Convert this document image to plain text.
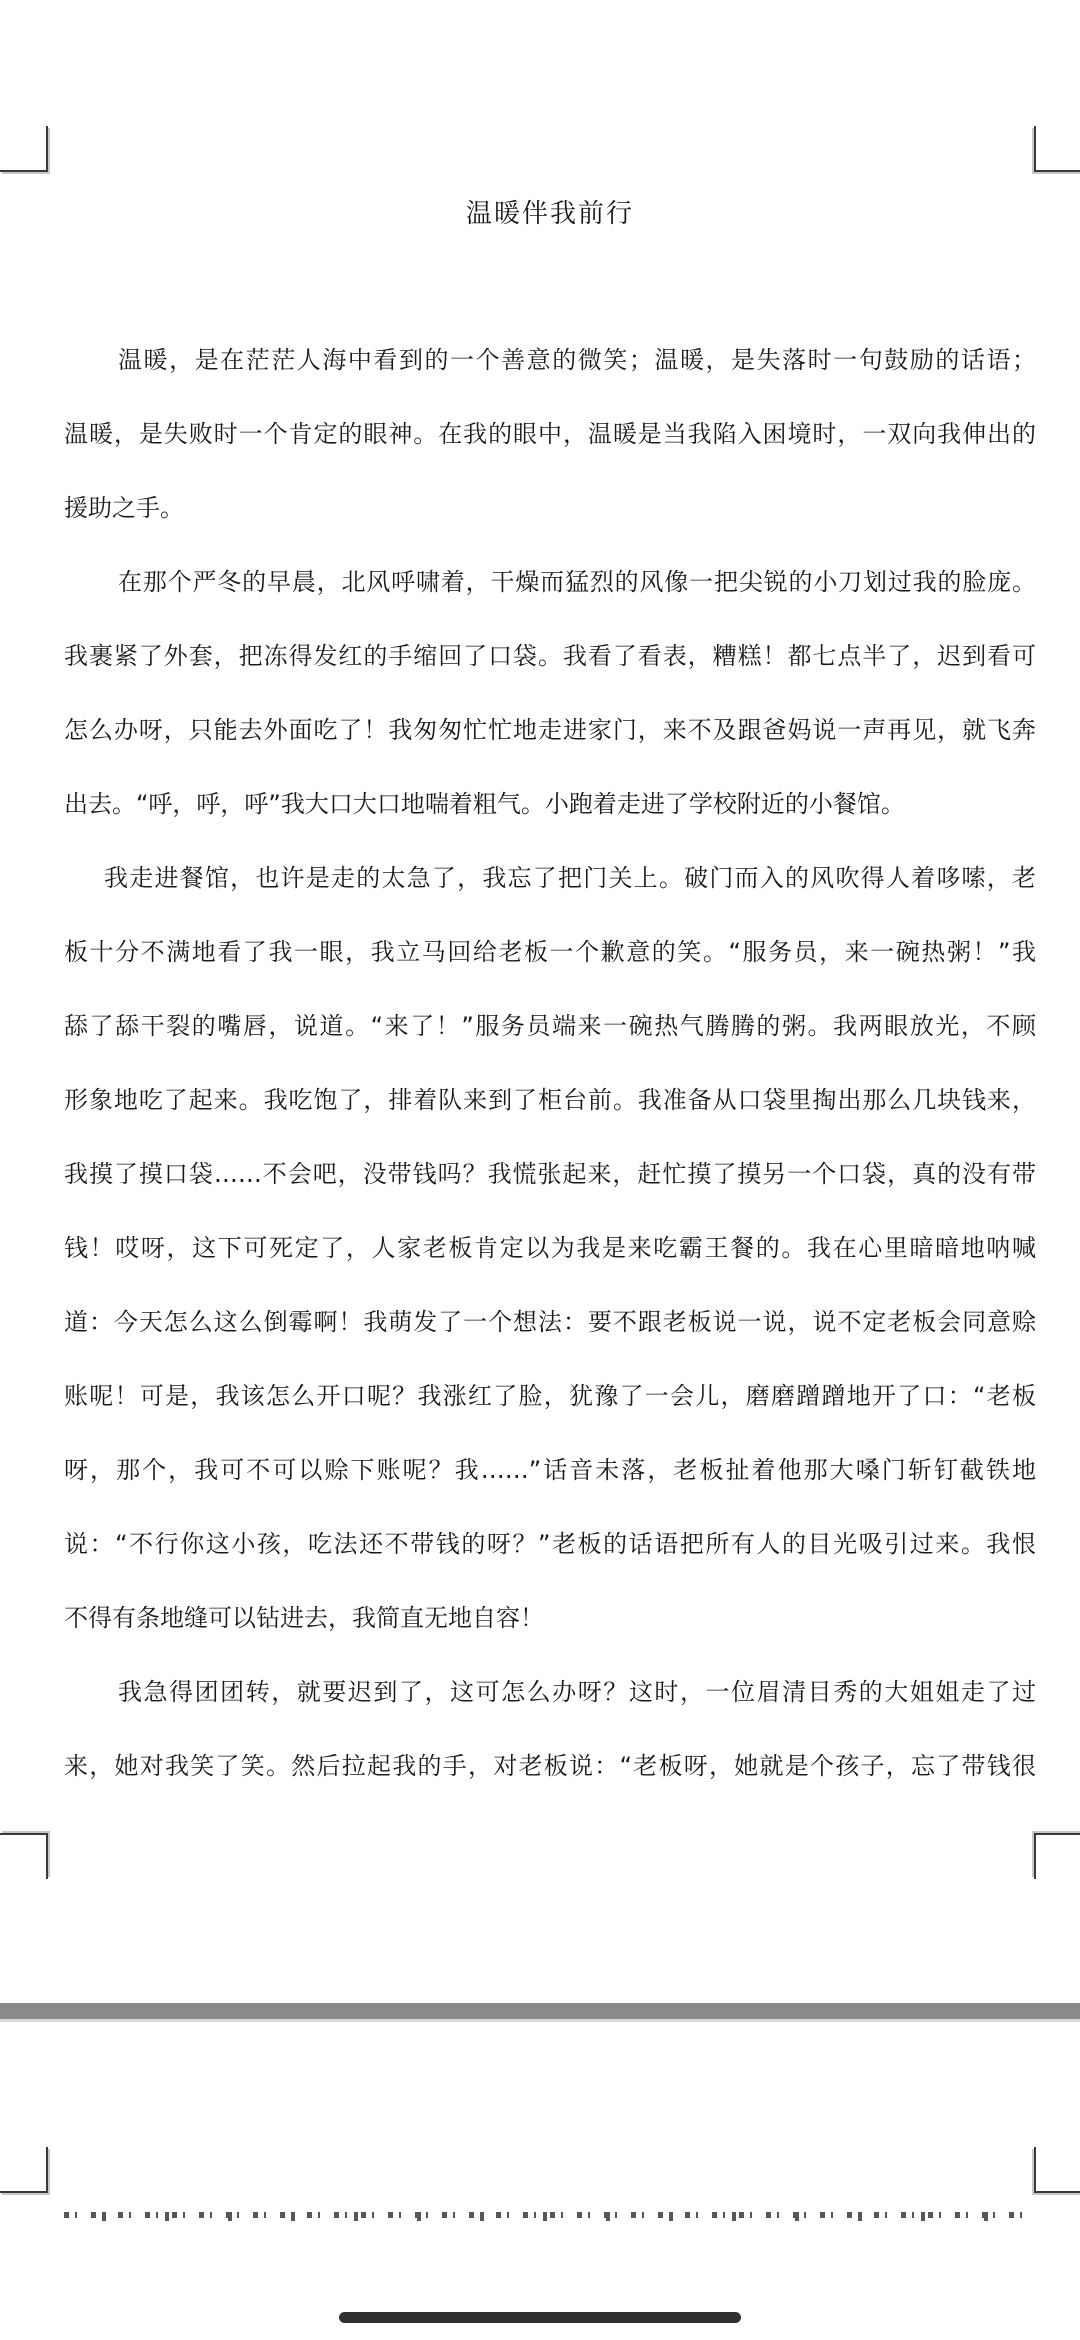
温暖伴我前行
温暖，是在茫茫人海中看到的一个善意的微笑；温暖，是失落时一句鼓励的话语；
温暖，是失败时一个肯定的眼神。在我的眼中，温暖是当我陷入困境时，一双向我伸出的
援助之手。
在那个严冬的早晨，北风呼啸着，干燥而猛烈的风像一把尖锐的小刀划过我的脸庞。
我裹紧了外套，把冻得发红的手缩回了口袋。我看了看表，糟糕！都七点半了，迟到看可
怎么办呀，只能去外面吃了！我匆匆忙忙地走进家门，来不及跟爸妈说一声再见，就飞奔
出去。“呼，呼，呼”我大口大口地喘着粗气。小跑着走进了学校附近的小餐馆。
我走进餐馆，也许是走的太急了，我忘了把门关上。破门而入的风吹得人着哆嗦，老
板十分不满地看了我一眼，我立马回给老板一个歉意的笑。“服务员，来一碗热粥！”我
舔了舔干裂的嘴唇，说道。“来了！”服务员端来一碗热气腾腾的粥。我两眼放光，不顾
形象地吃了起来。我吃饱了，排着队来到了柜台前。我准备从口袋里掏出那么几块钱来，
我摸了摸口袋……不会吧，没带钱吗？我慌张起来，赶忙摸了摸另一个口袋，真的没有带
钱！哎呀，这下可死定了，人家老板肯定以为我是来吃霸王餐的。我在心里暗暗地呐喊
道：今天怎么这么倒霉啊！我萌发了一个想法：要不跟老板说一说，说不定老板会同意赊
账呢！可是，我该怎么开口呢？我涨红了脸，犹豫了一会儿，磨磨蹭蹭地开了口：“老板
呀，那个，我可不可以赊下账呢？我……”话音未落，老板扯着他那大嗓门斩钉截铁地
说：“不行你这小孩，吃法还不带钱的呀？”老板的话语把所有人的目光吸引过来。我恨
不得有条地缝可以钻进去，我简直无地自容！
我急得团团转，就要迟到了，这可怎么办呀？这时，一位眉清目秀的大姐姐走了过
来，她对我笑了笑。然后拉起我的手，对老板说：“老板呀，她就是个孩子，忘了带钱很
